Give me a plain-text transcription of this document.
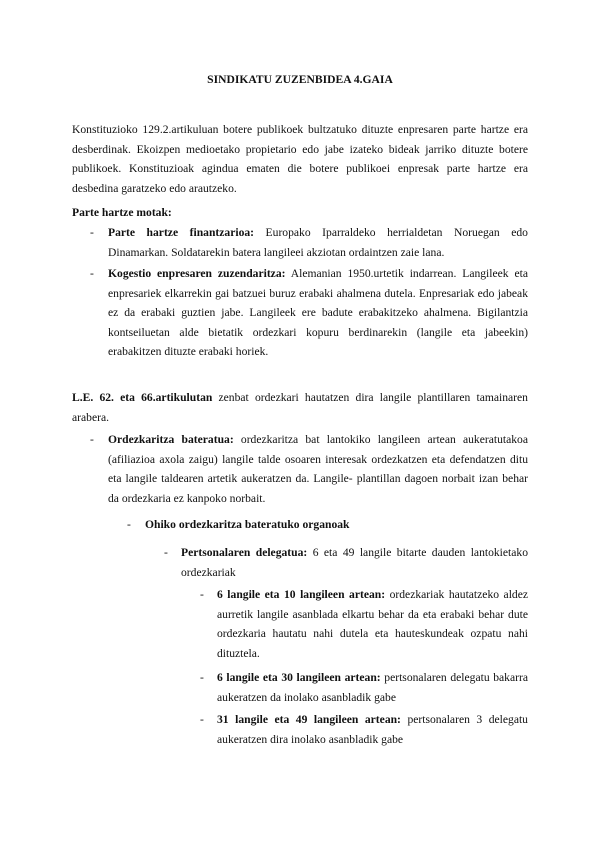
SINDIKATU ZUZENBIDEA 4.GAIA
Konstituzioko 129.2.artikuluan botere publikoek bultzatuko dituzte enpresaren parte hartze era desberdinak. Ekoizpen medioetako propietario edo jabe izateko bideak jarriko dituzte botere publikoek. Konstituzioak agindua ematen die botere publikoei enpresak parte hartze era desbedina garatzeko edo arautzeko.
Parte hartze motak:
- Parte hartze finantzarioa: Europako Iparraldeko herrialdetan Noruegan edo Dinamarkan. Soldatarekin batera langileei akziotan ordaintzen zaie lana.
- Kogestio enpresaren zuzendaritza: Alemanian 1950.urtetik indarrean. Langileek eta enpresariek elkarrekin gai batzuei buruz erabaki ahalmena dutela. Enpresariak edo jabeak ez da erabaki guztien jabe. Langileek ere badute erabakitzeko ahalmena. Bigilantzia kontseiluetan alde bietatik ordezkari kopuru berdinarekin (langile eta jabeekin) erabakitzen dituzte erabaki horiek.
L.E. 62. eta 66.artikulutan zenbat ordezkari hautatzen dira langile plantillaren tamainaren arabera.
- Ordezkaritza bateratua: ordezkaritza bat lantokiko langileen artean aukeratutakoa (afiliazioa axola zaigu) langile talde osoaren interesak ordezkatzen eta defendatzen ditu eta langile taldearen artetik aukeratzen da. Langile- plantillan dagoen norbait izan behar da ordezkaria ez kanpoko norbait.
- Ohiko ordezkaritza bateratuko organoak
- Pertsonalaren delegatua: 6 eta 49 langile bitarte dauden lantokietako ordezkariak
- 6 langile eta 10 langileen artean: ordezkariak hautatzeko aldez aurretik langile asanblada elkartu behar da eta erabaki behar dute ordezkaria hautatu nahi dutela eta hauteskundeak ozpatu nahi dituztela.
- 6 langile eta 30 langileen artean: pertsonalaren delegatu bakarra aukeratzen da inolako asanbladik gabe
- 31 langile eta 49 langileen artean: pertsonalaren 3 delegatu aukeratzen dira inolako asanbladik gabe
